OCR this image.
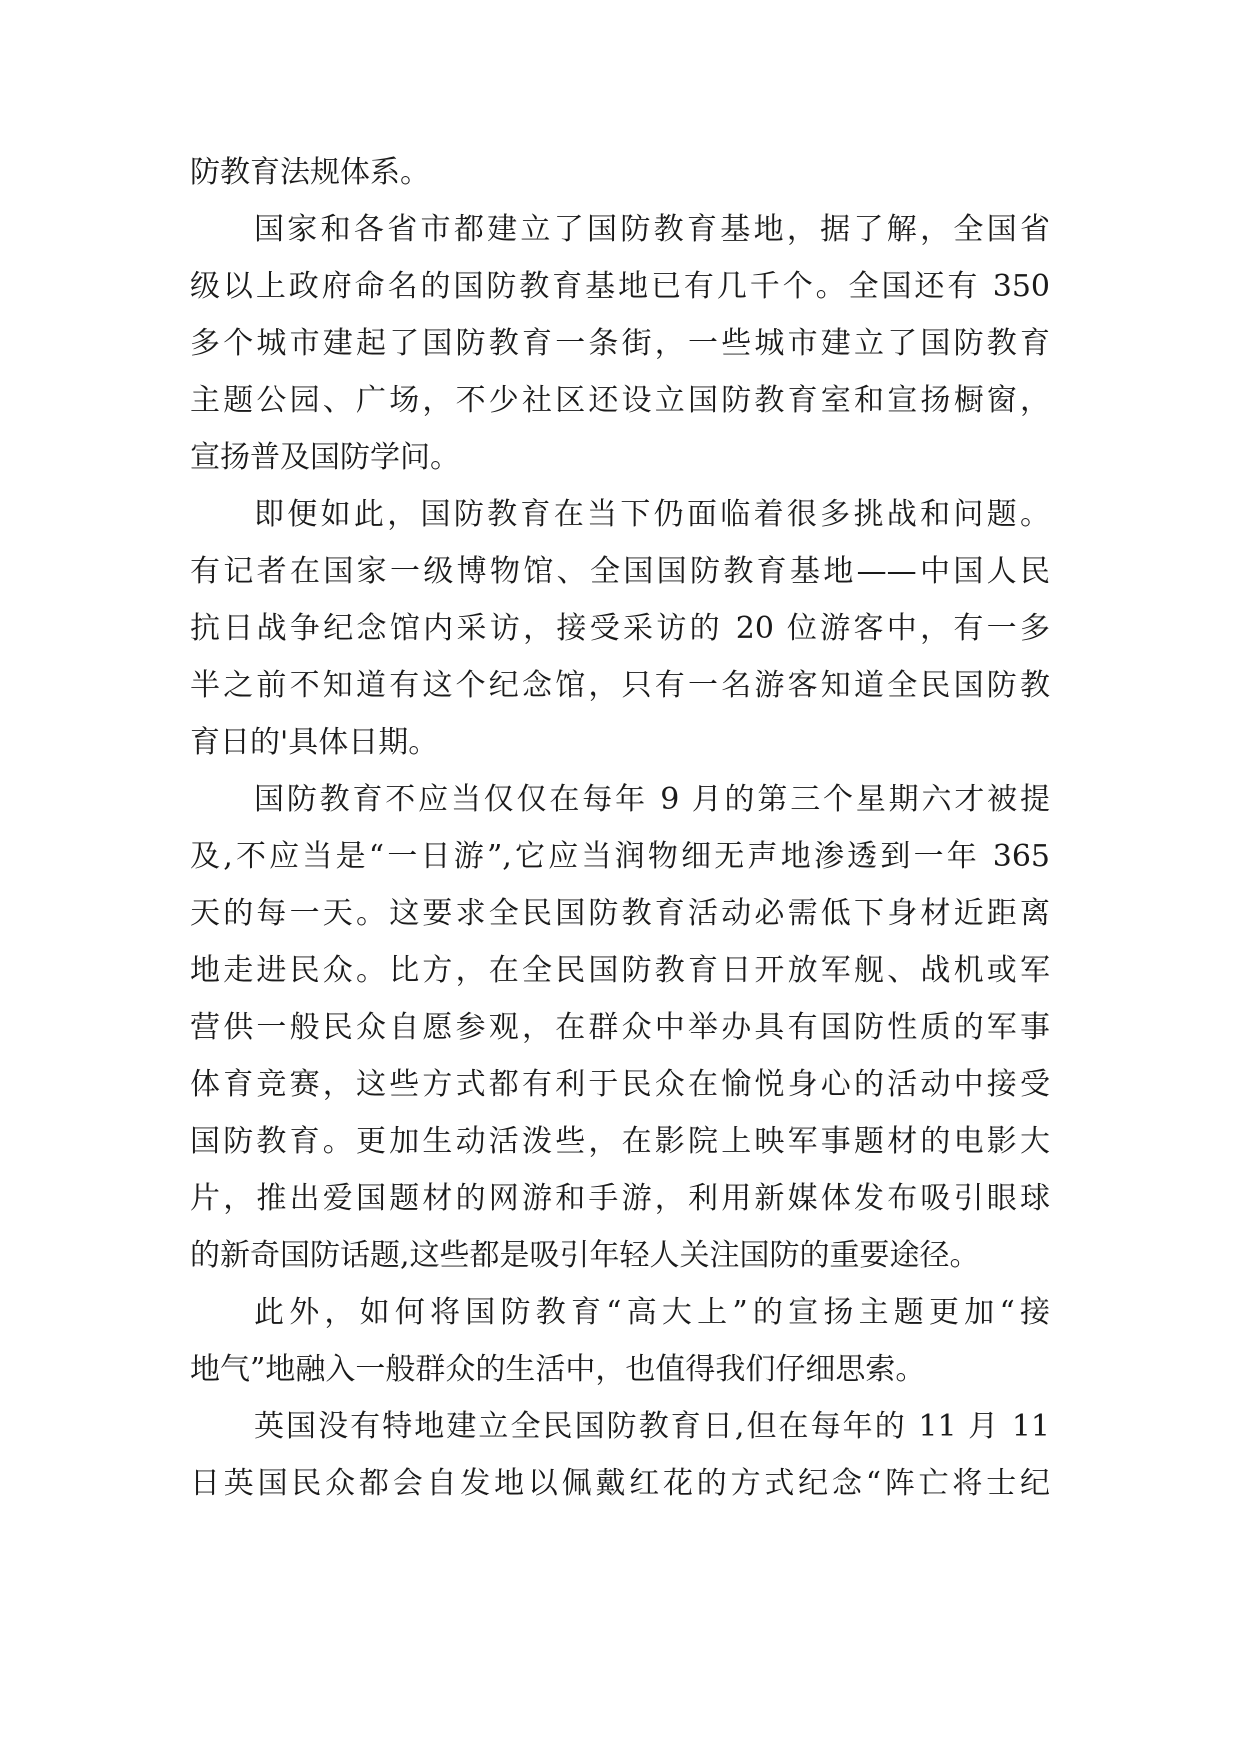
防教育法规体系。
国家和各省市都建立了国防教育基地，据了解，全国省
级以上政府命名的国防教育基地已有几千个。全国还有 350
多个城市建起了国防教育一条街，一些城市建立了国防教育
主题公园、广场，不少社区还设立国防教育室和宣扬橱窗，
宣扬普及国防学问。
即便如此，国防教育在当下仍面临着很多挑战和问题。
有记者在国家一级博物馆、全国国防教育基地——中国人民
抗日战争纪念馆内采访，接受采访的 20 位游客中，有一多
半之前不知道有这个纪念馆，只有一名游客知道全民国防教
育日的'具体日期。
国防教育不应当仅仅在每年 9 月的第三个星期六才被提
及,不应当是“一日游”,它应当润物细无声地渗透到一年 365
天的每一天。这要求全民国防教育活动必需低下身材近距离
地走进民众。比方，在全民国防教育日开放军舰、战机或军
营供一般民众自愿参观，在群众中举办具有国防性质的军事
体育竞赛，这些方式都有利于民众在愉悦身心的活动中接受
国防教育。更加生动活泼些，在影院上映军事题材的电影大
片，推出爱国题材的网游和手游，利用新媒体发布吸引眼球
的新奇国防话题,这些都是吸引年轻人关注国防的重要途径。
此外，如何将国防教育“高大上”的宣扬主题更加“接
地气”地融入一般群众的生活中，也值得我们仔细思索。
英国没有特地建立全民国防教育日,但在每年的 11 月 11
日英国民众都会自发地以佩戴红花的方式纪念“阵亡将士纪
